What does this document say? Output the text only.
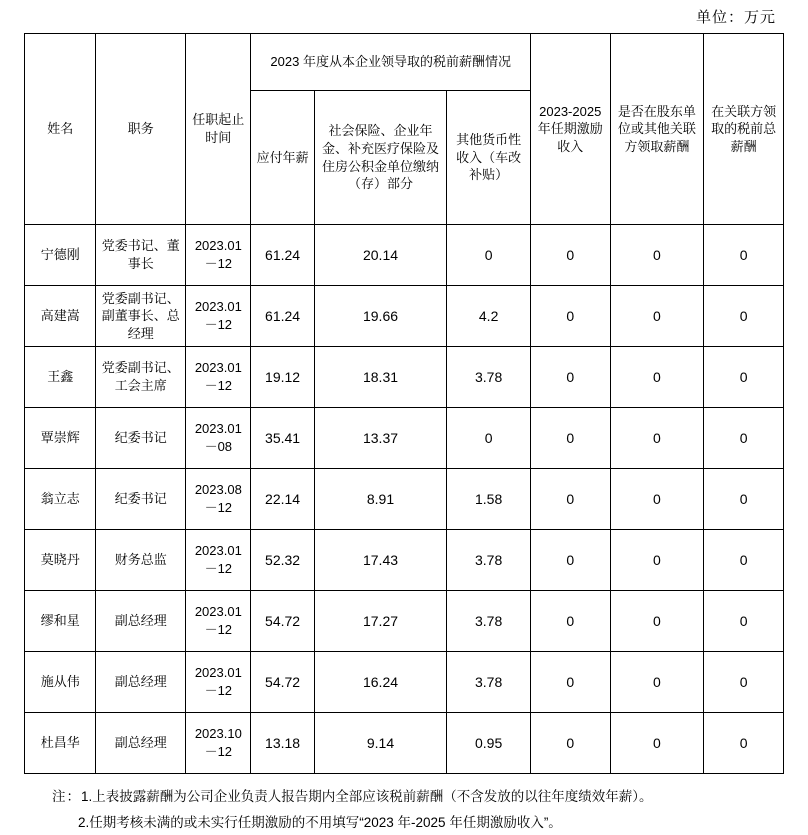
单位：万元
姓名	职务	任职起止时间	2023 年度从本企业领导取的税前薪酬情况			2023-2025 年任期激励收入	是否在股东单位或其他关联方领取薪酬	在关联方领取的税前总薪酬
			应付年薪	社会保险、企业年金、补充医疗保险及住房公积金单位缴纳（存）部分	其他货币性收入（车改补贴）			
宁德刚	党委书记、董事长	2023.01－12	61.24	20.14	0	0	0	0
高建嵩	党委副书记、副董事长、总经理	2023.01－12	61.24	19.66	4.2	0	0	0
王鑫	党委副书记、工会主席	2023.01－12	19.12	18.31	3.78	0	0	0
覃崇辉	纪委书记	2023.01－08	35.41	13.37	0	0	0	0
翁立志	纪委书记	2023.08－12	22.14	8.91	1.58	0	0	0
莫晓丹	财务总监	2023.01－12	52.32	17.43	3.78	0	0	0
缪和星	副总经理	2023.01－12	54.72	17.27	3.78	0	0	0
施从伟	副总经理	2023.01－12	54.72	16.24	3.78	0	0	0
杜昌华	副总经理	2023.10－12	13.18	9.14	0.95	0	0	0
注：1.上表披露薪酬为公司企业负责人报告期内全部应该税前薪酬（不含发放的以往年度绩效年薪）。
2.任期考核未满的或未实行任期激励的不用填写“2023 年-2025 年任期激励收入”。
